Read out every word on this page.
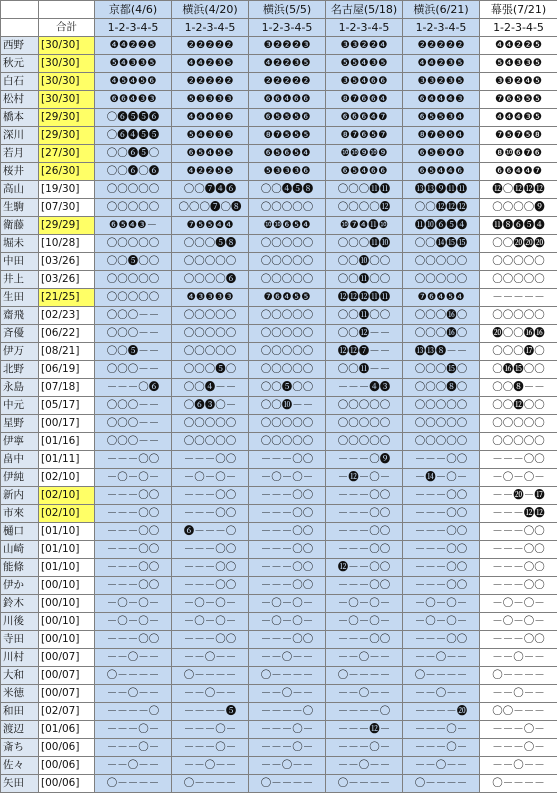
		京都(4/6)	横浜(4/20)	横浜(5/5)	名古屋(5/18)	横浜(6/21)	幕張(7/21)
	合計	1-2-3-4-5	1-2-3-4-5	1-2-3-4-5	1-2-3-4-5	1-2-3-4-5	1-2-3-4-5
西野	[30/30]	❹❹❷❷❺	❷❷❷❷❷	❸❷❷❷❸	❸❸❷❷❹	❷❷❷❷❷	❹❹❷❷❺
秋元	[30/30]	❺❹❸❸❺	❹❹❷❸❺	❹❷❷❸❺	❺❺❹❸❺	❹❹❷❸❺	❺❹❸❸❺
白石	[30/30]	❹❺❹❺❻	❷❷❷❷❷	❷❷❷❷❷	❸❺❹❻❻	❸❸❷❸❺	❸❸❷❹❺
松村	[30/30]	❻❻❹❸❸	❺❸❸❸❸	❻❻❹❻❻	❽❼❻❻❹	❻❹❹❹❸	❼❻❺❺❺
橋本	[29/30]	〇❻❺❺❻	❹❹❹❸❸	❻❺❺❺❻	❻❻❻❹❼	❻❺❺❸❹	❹❹❹❸❺
深川	[29/30]	〇❻❹❺❺	❺❹❸❸❸	❽❼❺❺❺	❽❼❻❺❼	❽❼❺❺❹	❼❺❼❺❽
若月	[27/30]	〇〇❻❺〇	❻❺❹❺❺	❻❺❻❺❹	❿❿❾❿❾	❻❺❸❹❻	❽❿❻❼❻
桜井	[26/30]	〇〇❻〇❻	❹❷❷❺❺	❺❸❸❸❻	❻❺❹❻❻	❻❺❹❹❻	❻❻❹❹❼
高山	[19/30]	〇〇〇〇〇	〇〇❼❹❻	〇〇❹❺❽	〇〇〇⓫⓫	⓭⓭❾⓫⓫	⓬〇⓬⓬⓬
生駒	[07/30]	〇〇〇〇〇	〇〇〇❼〇❽	〇〇〇〇〇	〇〇〇〇⓬	〇〇⓬⓬⓬	〇〇〇〇❾
衛藤	[29/29]	❻❺❹❸－	❼❺❺❹❹	❿❿❻❺❹	❿❼❹⓫❿	⓫❿❻❺❹	⓫❽❻❺❹
堀未	[10/28]	〇〇〇〇〇	〇〇〇❺❽	〇〇〇〇〇	〇〇〇⓫❿	〇〇⓮⓯⓯	〇〇⓴⓴⓴
中田	[03/26]	〇〇❺〇〇	〇〇〇〇〇	〇〇〇〇〇	〇〇❿〇〇	〇〇〇〇〇	〇〇〇〇〇
井上	[03/26]	〇〇〇〇〇	〇〇〇〇❻	〇〇〇〇〇	〇〇⓫〇〇	〇〇〇〇〇	〇〇〇〇〇
生田	[21/25]	〇〇〇〇〇	❹❸❸❸❸	❼❻❹❺❺	⓬⓬⓬⓫⓫	❼❻❹❺❹	－－－－－
齋飛	[02/23]	〇〇〇－－	〇〇〇〇〇	〇〇〇〇〇	〇〇⓫〇〇	〇〇〇⓰〇	〇〇〇〇〇
斉優	[06/22]	〇〇〇－－	〇〇〇〇〇	〇〇〇〇〇	〇〇⓬－－	〇〇〇⓰〇	⓴〇〇⓰⓰
伊万	[08/21]	〇〇❺－－	〇〇〇〇〇	〇〇〇〇〇	⓬⓬❼－－	⓭⓭❽－－	〇〇〇⓱〇
北野	[06/19]	〇〇〇－－	〇〇〇❺〇	〇〇〇〇〇	〇〇⓫－－	〇〇〇⓯〇	〇⓰⓯〇〇
永島	[07/18]	－－－〇❻	〇〇❹－－	〇〇❺〇〇	－－－❹❸	〇〇〇❽〇	〇〇❽－－
中元	[05/17]	〇〇〇－－	〇❻❸〇－	〇〇❿－－	〇〇〇〇〇	〇〇〇〇〇	〇〇⓬〇〇
星野	[00/17]	〇〇〇－－	〇〇〇〇〇	〇〇〇〇〇	〇〇〇〇〇	〇〇〇〇〇	〇〇〇〇〇
伊寧	[01/16]	〇〇〇－－	〇〇〇〇〇	〇〇〇〇〇	〇〇〇〇〇	〇〇〇〇〇	〇〇〇〇〇
畠中	[01/11]	－－－〇〇	－－－〇〇	－－－〇〇	－－－〇❾	－－－〇〇	－－－〇〇
伊純	[02/10]	－〇－〇－	－〇－〇－	－〇－〇－	－⓬－〇－	－⓮－〇－	－〇－〇－
新内	[02/10]	－－－〇〇	－－－〇〇	－－－〇〇	－－－〇〇	－－－〇〇	－－⓴－⓱
市來	[02/10]	－－－〇〇	－－－〇〇	－－－〇〇	－－－〇〇	－－－〇〇	－－－⓬⓬
樋口	[01/10]	－－－〇〇	❻－－－〇	－－－〇〇	－－－〇〇	－－－〇〇	－－－〇〇
山崎	[01/10]	－－－〇〇	－－－〇〇	－－－〇〇	－－－〇〇	－－－〇〇	－－－〇〇
能條	[01/10]	－－－〇〇	－－－〇〇	－－－〇〇	⓬－－〇〇	－－－〇〇	－－－〇〇
伊か	[00/10]	－－－〇〇	－－－〇〇	－－－〇〇	－－－〇〇	－－－〇〇	－－－〇〇
鈴木	[00/10]	－〇－〇－	－〇－〇－	－〇－〇－	－〇－〇－	－〇－〇－	－〇－〇－
川後	[00/10]	－〇－〇－	－〇－〇－	－〇－〇－	－〇－〇－	－〇－〇－	－〇－〇－
寺田	[00/10]	－－－〇〇	－－－〇〇	－－－〇〇	－－－〇〇	－－－〇〇	－－－〇〇
川村	[00/07]	－－〇－－	－－〇－－	－－〇－－	－－〇－－	－－〇－－	－－〇－－
大和	[00/07]	〇－－－－	〇－－－－	〇－－－－	〇－－－－	〇－－－－	〇－－－－
米徳	[00/07]	－－〇－－	－－〇－－	－－〇－－	－－〇－－	－－〇－－	－－〇－－
和田	[02/07]	－－－－〇	－－－－❺	－－－－〇	－－－－〇	－－－－⓴	〇〇－－－
渡辺	[01/06]	－－－〇－	－－－〇－	－－－〇－	－－－⓬－	－－－〇－	－－－〇－
斎ち	[00/06]	－－－〇－	－－－〇－	－－－〇－	－－－〇－	－－－〇－	－－－〇－
佐々	[00/06]	－－〇－－	－－〇－－	－－〇－－	－－〇－－	－－〇－－	－－〇－－
矢田	[00/06]	〇－－－－	〇－－－－	〇－－－－	〇－－－－	〇－－－－	〇－－－－
